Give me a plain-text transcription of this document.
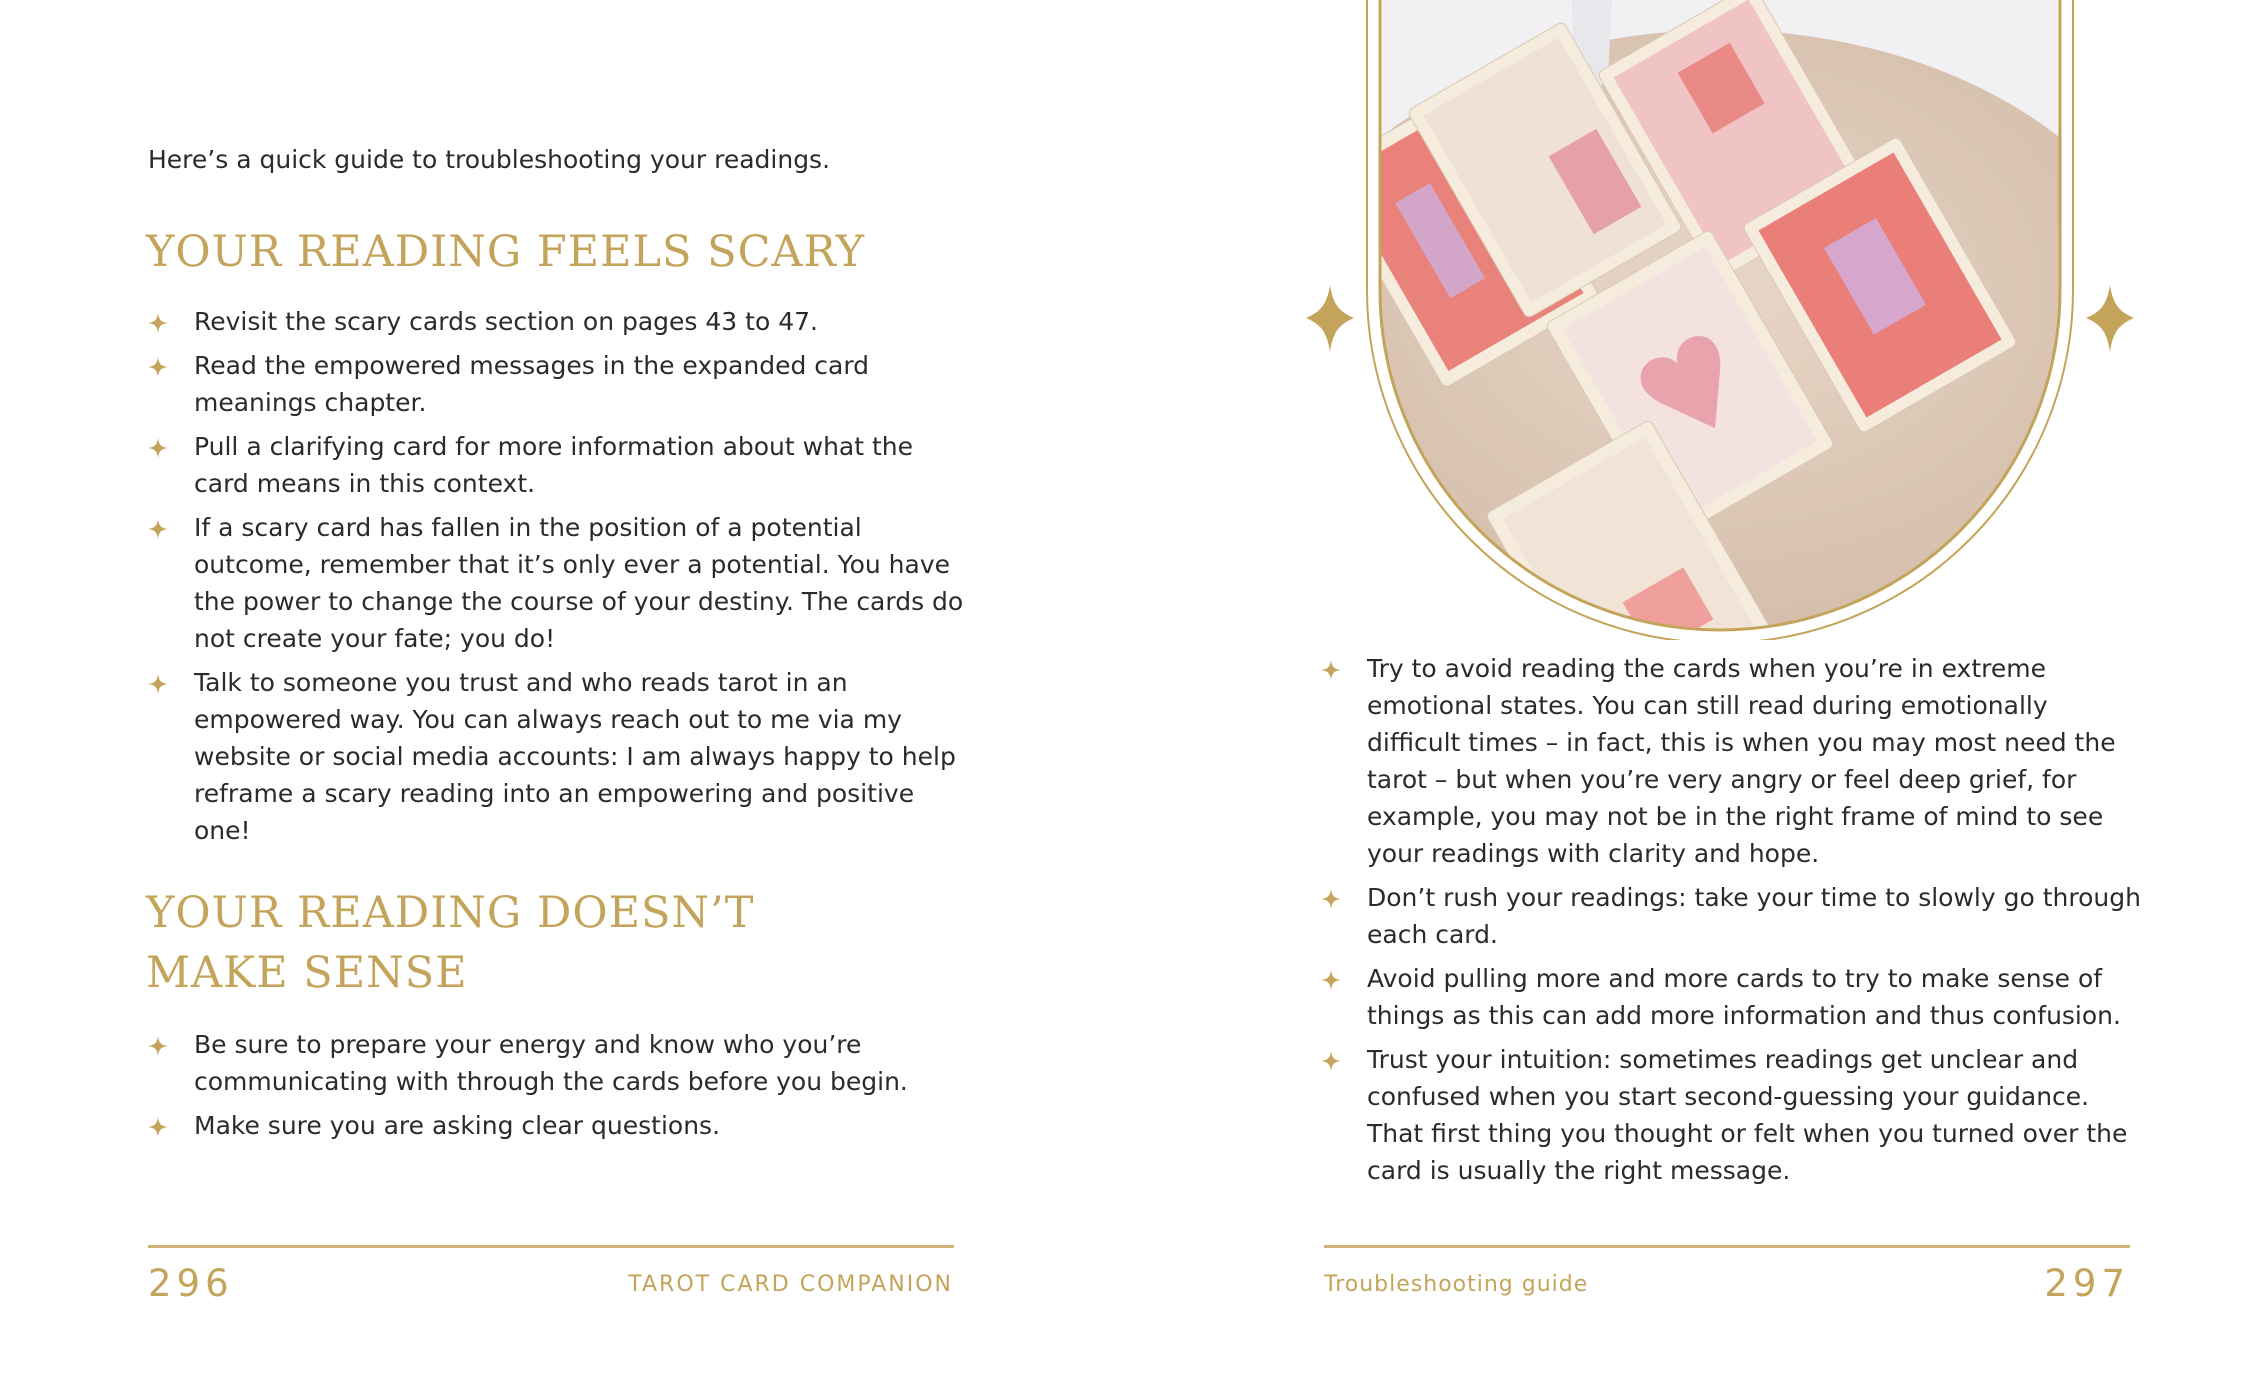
Here’s a quick guide to troubleshooting your readings.

YOUR READING FEELS SCARY
Revisit the scary cards section on pages 43 to 47.
Read the empowered messages in the expanded card meanings chapter.
Pull a clarifying card for more information about what the card means in this context.
If a scary card has fallen in the position of a potential outcome, remember that it’s only ever a potential. You have the power to change the course of your destiny. The cards do not create your fate; you do!
Talk to someone you trust and who reads tarot in an empowered way. You can always reach out to me via my website or social media accounts: I am always happy to help reframe a scary reading into an empowering and positive one!
YOUR READING DOESN’T
MAKE SENSE
Be sure to prepare your energy and know who you’re communicating with through the cards before you begin.
Make sure you are asking clear questions.

296	TAROT CARD COMPANION

Try to avoid reading the cards when you’re in extreme emotional states. You can still read during emotionally difficult times – in fact, this is when you may most need the tarot – but when you’re very angry or feel deep grief, for example, you may not be in the right frame of mind to see your readings with clarity and hope.
Don’t rush your readings: take your time to slowly go through each card.
Avoid pulling more and more cards to try to make sense of things as this can add more information and thus confusion.
Trust your intuition: sometimes readings get unclear and confused when you start second-guessing your guidance. That first thing you thought or felt when you turned over the card is usually the right message.

Troubleshooting guide	297
